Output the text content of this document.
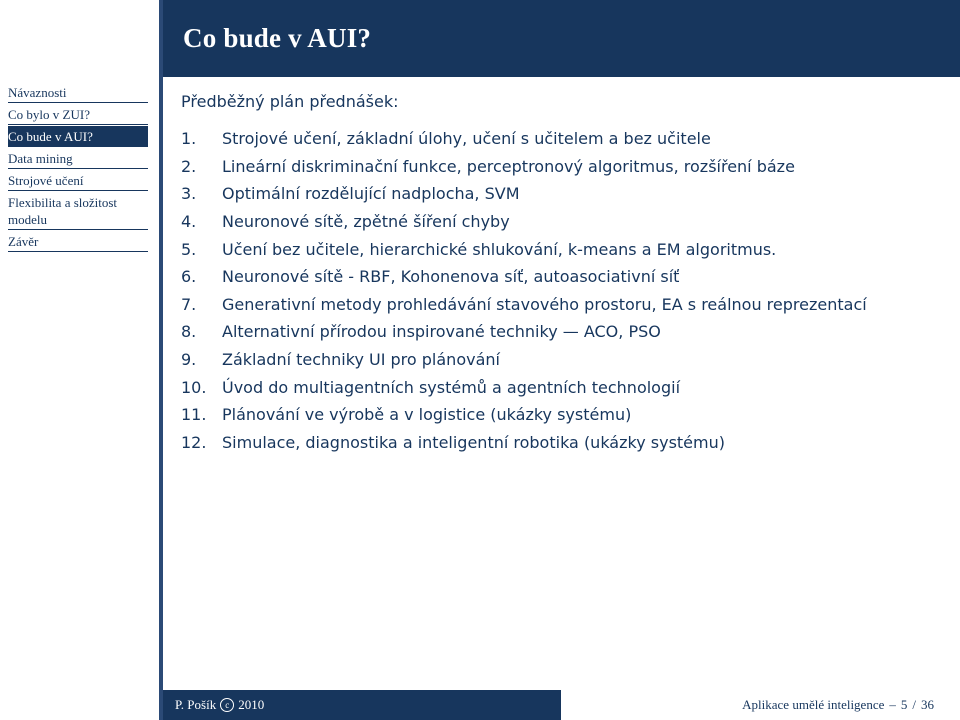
Návaznosti
Co bylo v ZUI?
Co bude v AUI?
Data mining
Strojové učení
Flexibilita a složitost modelu
Závěr
Co bude v AUI?

Předběžný plán přednášek:

1.	Strojové učení, základní úlohy, učení s učitelem a bez učitele
2.	Lineární diskriminační funkce, perceptronový algoritmus, rozšíření báze
3.	Optimální rozdělující nadplocha, SVM
4.	Neuronové sítě, zpětné šíření chyby
5.	Učení bez učitele, hierarchické shlukování, k-means a EM algoritmus.
6.	Neuronové sítě - RBF, Kohonenova síť, autoasociativní síť
7.	Generativní metody prohledávání stavového prostoru, EA s reálnou reprezentací
8.	Alternativní přírodou inspirované techniky — ACO, PSO
9.	Základní techniky UI pro plánování
10. Úvod do multiagentních systémů a agentních technologií
11. Plánování ve výrobě a v logistice (ukázky systému)
12. Simulace, diagnostika a inteligentní robotika (ukázky systému)
P. Pošík	c 2010	Aplikace umělé inteligence – 5 / 36
